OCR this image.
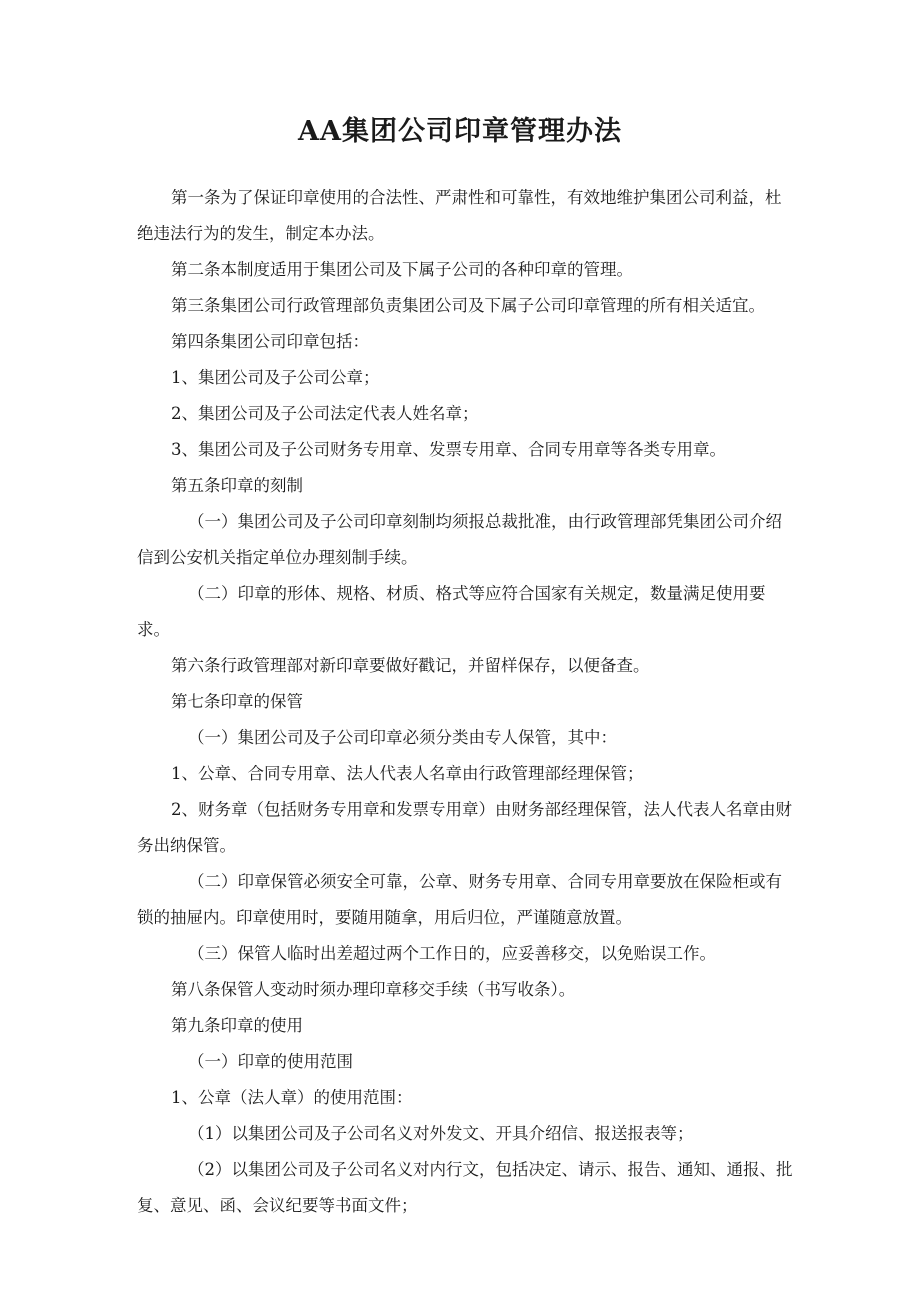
AA集团公司印章管理办法

第一条为了保证印章使用的合法性、严肃性和可靠性，有效地维护集团公司利益，杜绝违法行为的发生，制定本办法。

第二条本制度适用于集团公司及下属子公司的各种印章的管理。

第三条集团公司行政管理部负责集团公司及下属子公司印章管理的所有相关适宜。

第四条集团公司印章包括：

1、集团公司及子公司公章；

2、集团公司及子公司法定代表人姓名章；

3、集团公司及子公司财务专用章、发票专用章、合同专用章等各类专用章。

第五条印章的刻制

（一）集团公司及子公司印章刻制均须报总裁批准，由行政管理部凭集团公司介绍信到公安机关指定单位办理刻制手续。

（二）印章的形体、规格、材质、格式等应符合国家有关规定，数量满足使用要求。

第六条行政管理部对新印章要做好戳记，并留样保存，以便备查。

第七条印章的保管

（一）集团公司及子公司印章必须分类由专人保管，其中：

1、公章、合同专用章、法人代表人名章由行政管理部经理保管；

2、财务章（包括财务专用章和发票专用章）由财务部经理保管，法人代表人名章由财务出纳保管。

（二）印章保管必须安全可靠，公章、财务专用章、合同专用章要放在保险柜或有锁的抽屉内。印章使用时，要随用随拿，用后归位，严谨随意放置。

（三）保管人临时出差超过两个工作日的，应妥善移交，以免贻误工作。

第八条保管人变动时须办理印章移交手续（书写收条）。

第九条印章的使用

（一）印章的使用范围

1、公章（法人章）的使用范围：

（1）以集团公司及子公司名义对外发文、开具介绍信、报送报表等；

（2）以集团公司及子公司名义对内行文，包括决定、请示、报告、通知、通报、批复、意见、函、会议纪要等书面文件；
